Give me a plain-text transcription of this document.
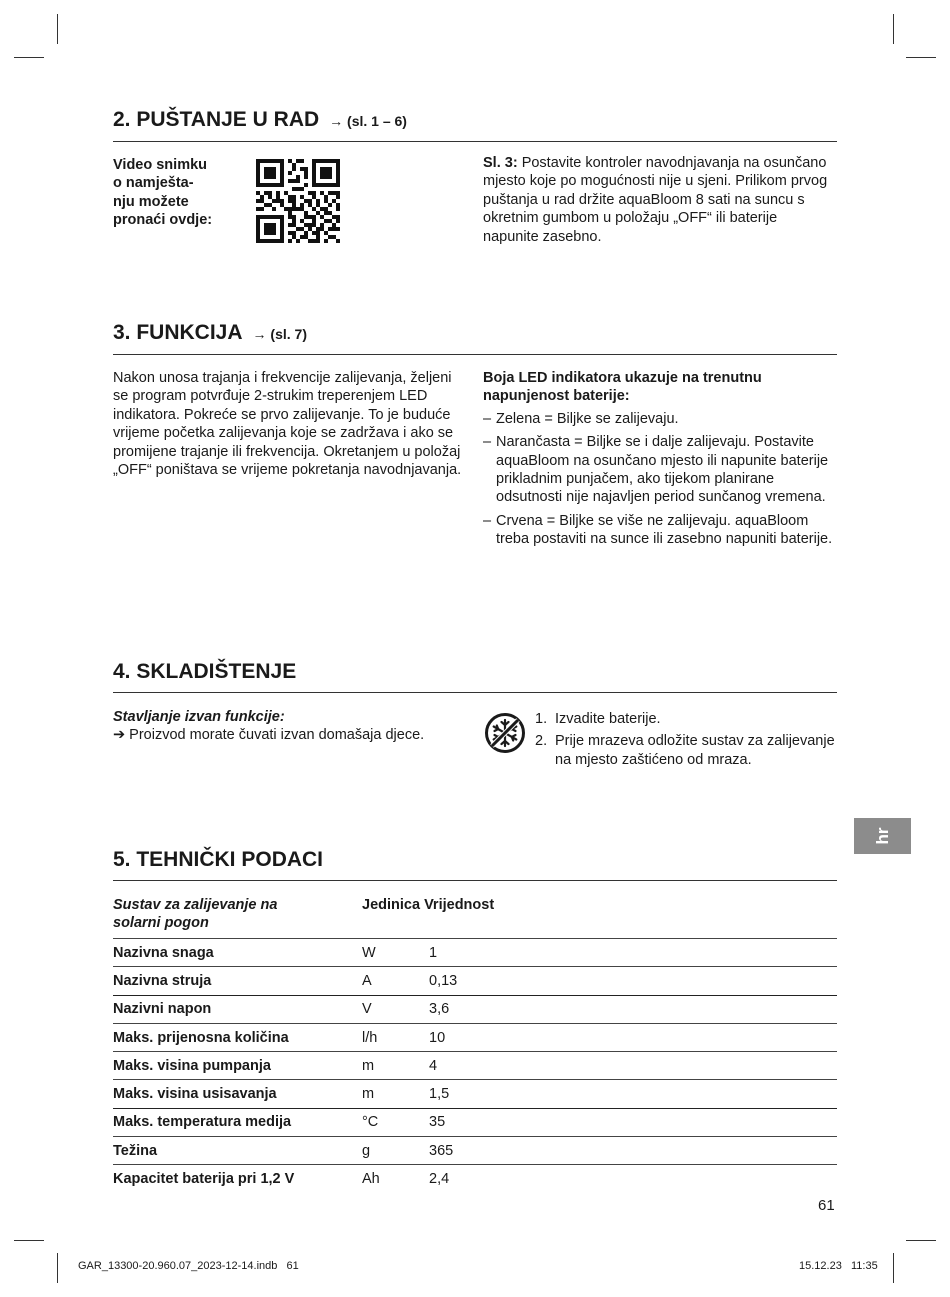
2. PUŠTANJE U RAD → (sl. 1 – 6)
Video snimku
o namješta-
nju možete
pronaći ovdje:

Sl. 3: Postavite kontroler navodnjavanja na osunčano mjesto koje po mogućnosti nije u sjeni. Prilikom prvog puštanja u rad držite aquaBloom 8 sati na suncu s okretnim gumbom u položaju „OFF“ ili baterije napunite zasebno.

3. FUNKCIJA → (sl. 7)

Nakon unosa trajanja i frekvencije zalijevanja, željeni se program potvrđuje 2-strukim treperenjem LED indikatora. Pokreće se prvo zalijevanje. To je buduće vrijeme početka zalijevanja koje se zadržava i ako se promijene trajanje ili frekvencija. Okretanjem u položaj „OFF“ poništava se vrijeme pokretanja navodnjavanja.

Boja LED indikatora ukazuje na trenutnu napunjenost baterije:

– Zelena = Biljke se zalijevaju.
– Narančasta = Biljke se i dalje zalijevaju. Postavite aquaBloom na osunčano mjesto ili napunite baterije prikladnim punjačem, ako tijekom planirane odsutnosti nije najavljen period sunčanog vremena.
– Crvena = Biljke se više ne zalijevaju. aquaBloom treba postaviti na sunce ili zasebno napuniti baterije.
4. SKLADIŠTENJE

Stavljanje izvan funkcije:

➔ Proizvod morate čuvati izvan domašaja djece.

1. Izvadite baterije.
2. Prije mrazeva odložite sustav za zalijevanje na mjesto zaštićeno od mraza.
5. TEHNIČKI PODACI
Sustav za zalijevanje na solarni pogon	Jedinica Vrijednost	
Nazivna snaga	W	1
Nazivna struja	A	0,13
Nazivni napon	V	3,6
Maks. prijenosna količina	l/h	10
Maks. visina pumpanja	m	4
Maks. visina usisavanja	m	1,5
Maks. temperatura medija	°C	35
Težina	g	365
Kapacitet baterija pri 1,2 V	Ah	2,4
hr
61
GAR_13300-20.960.07_2023-12-14.indb   61	15.12.23   11:35
